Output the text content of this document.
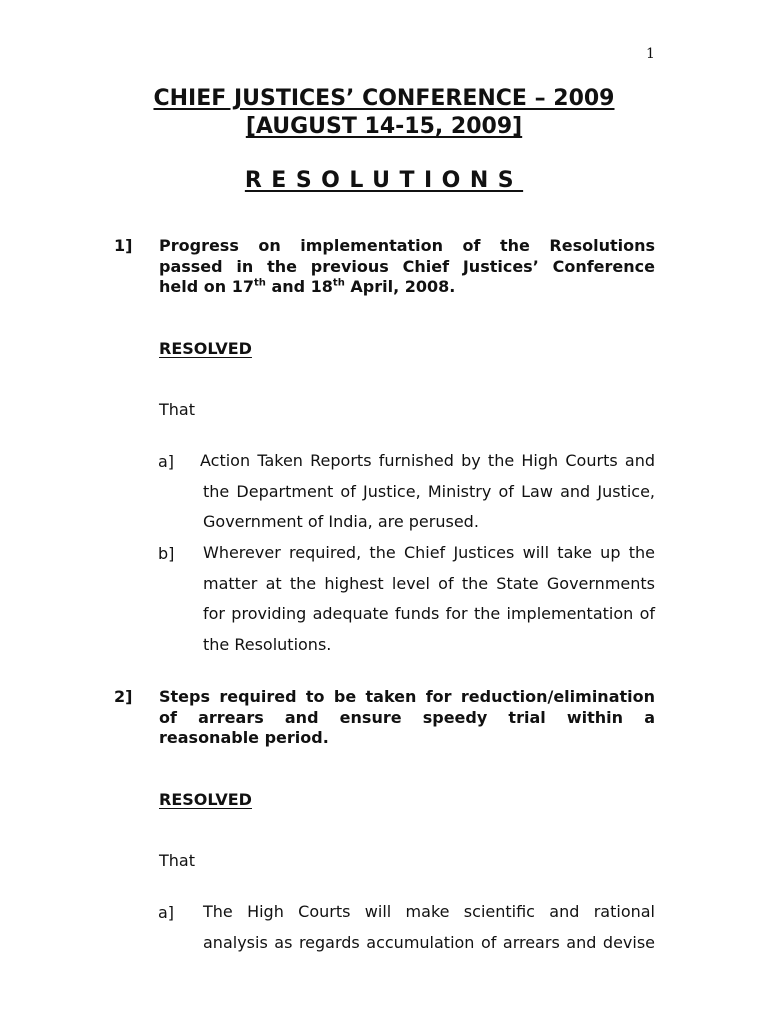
1
CHIEF JUSTICES’ CONFERENCE – 2009
[AUGUST 14-15, 2009]
RESOLUTIONS
1] Progress on implementation of the Resolutions
passed in the previous Chief Justices’ Conference
held on 17th and 18th April, 2008.
RESOLVED
That
a] Action Taken Reports furnished by the High Courts and
the Department of Justice, Ministry of Law and Justice,
Government of India, are perused.
b] Wherever required, the Chief Justices will take up the
matter at the highest level of the State Governments
for providing adequate funds for the implementation of
the Resolutions.
2] Steps required to be taken for reduction/elimination
of arrears and ensure speedy trial within a
reasonable period.
RESOLVED
That
a] The High Courts will make scientific and rational
analysis as regards accumulation of arrears and devise
